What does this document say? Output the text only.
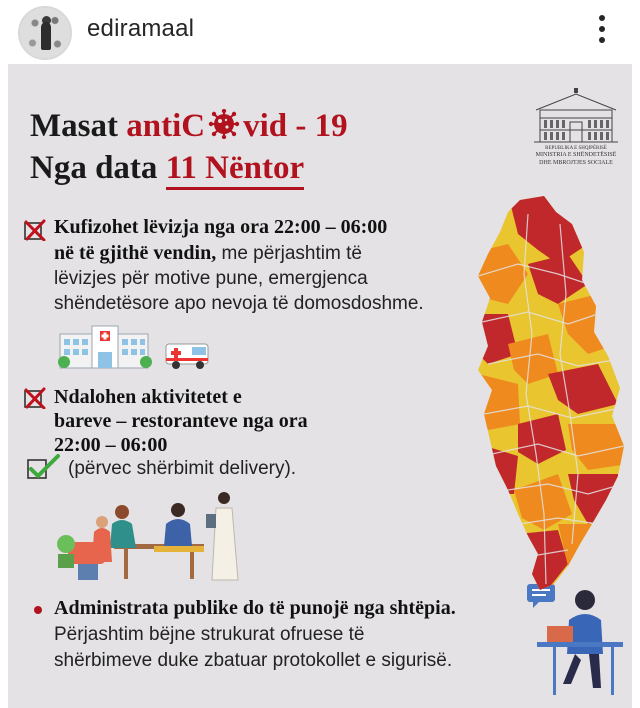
ediramaal
Masat antiC vid - 19
Nga data 11 Nëntor
REPUBLIKA E SHQIPËRISË
MINISTRIA E SHËNDETËSISË
DHE MBROJTJES SOCIALE
Kufizohet lëvizja nga ora 22:00 – 06:00
në të gjithë vendin, me përjashtim të
lëvizjes për motive pune, emergjenca
shëndetësore apo nevoja të domosdoshme.
Ndalohen aktivitetet e
bareve – restoranteve nga ora
22:00 – 06:00
(përvec shërbimit delivery).
Administrata publike do të punojë nga shtëpia.
Përjashtim bëjne strukurat ofruese të
shërbimeve duke zbatuar protokollet e sigurisë.
